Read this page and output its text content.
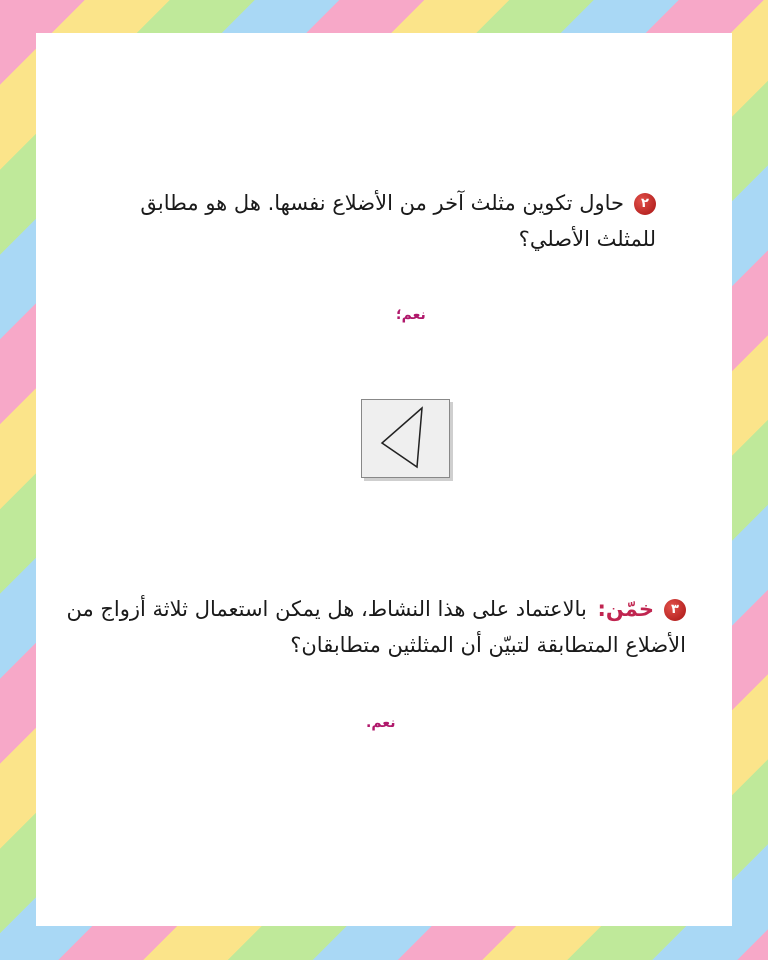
٢حاول تكوين مثلث آخر من الأضلاع نفسها. هل هو مطابق للمثلث الأصلي؟
نعم؛
٣خمّن: بالاعتماد على هذا النشاط، هل يمكن استعمال ثلاثة أزواج من الأضلاع المتطابقة لتبيّن أن المثلثين متطابقان؟
نعم.
